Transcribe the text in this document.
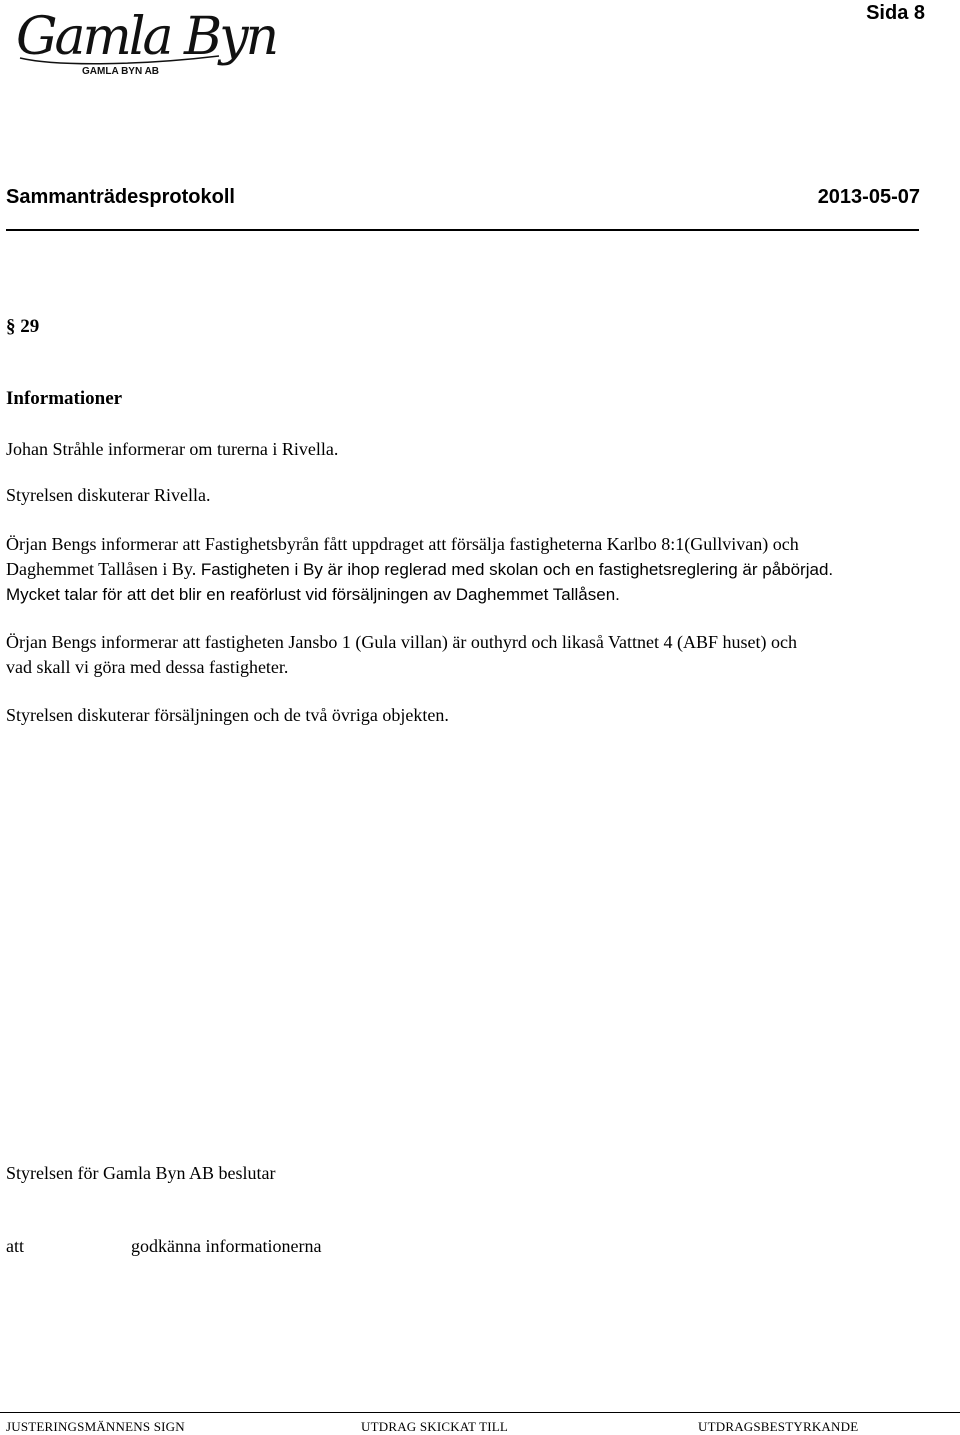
Gamla Byn
GAMLA BYN AB
Sida 8
Sammanträdesprotokoll	2013-05-07
§ 29
Informationer

Johan Stråhle informerar om turerna i Rivella.

Styrelsen diskuterar Rivella.

Örjan Bengs informerar att Fastighetsbyrån fått uppdraget att försälja fastigheterna Karlbo 8:1(Gullvivan) och
Daghemmet Tallåsen i By. Fastigheten i By är ihop reglerad med skolan och en fastighetsreglering är påbörjad.
Mycket talar för att det blir en reaförlust vid försäljningen av Daghemmet Tallåsen.

Örjan Bengs informerar att fastigheten Jansbo 1 (Gula villan) är outhyrd och likaså Vattnet 4 (ABF huset) och
vad skall vi göra med dessa fastigheter.

Styrelsen diskuterar försäljningen och de två övriga objekten.

Styrelsen för Gamla Byn AB beslutar
att	godkänna informationerna
JUSTERINGSMÄNNENS SIGN	UTDRAG SKICKAT TILL	UTDRAGSBESTYRKANDE
